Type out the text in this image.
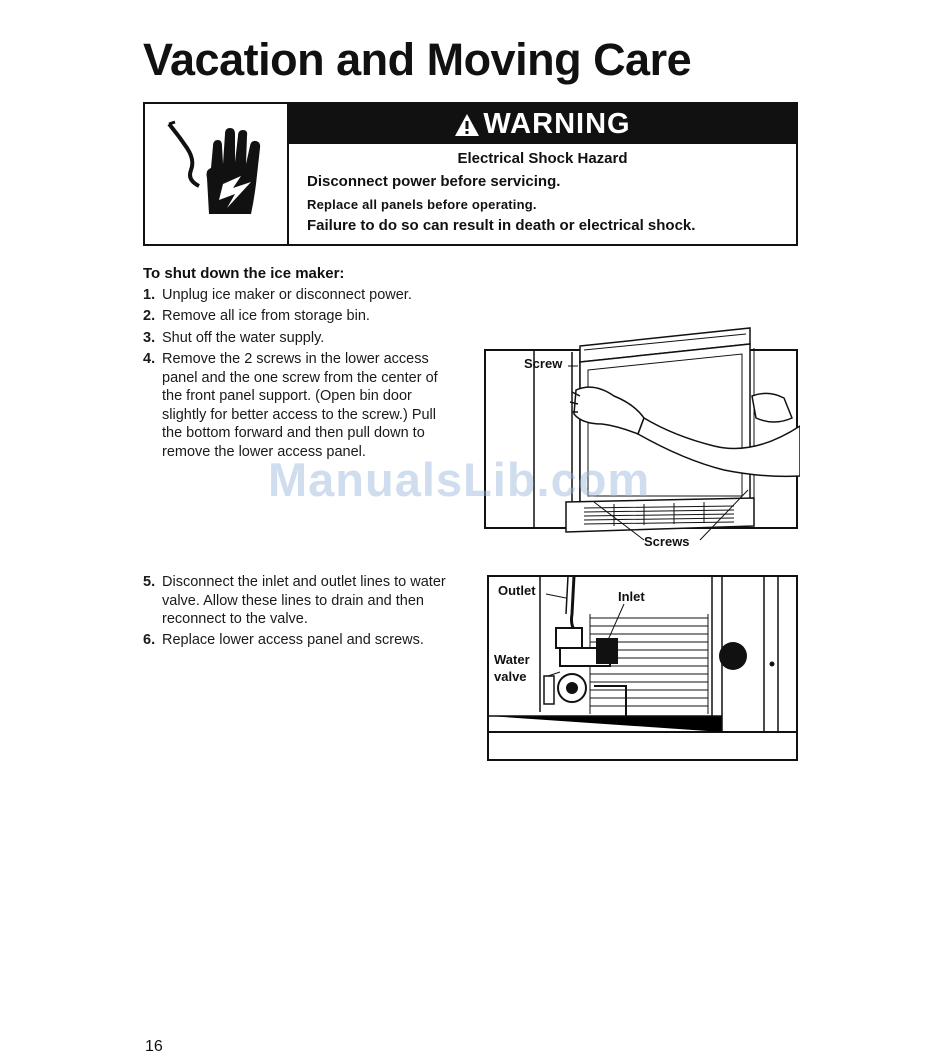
Vacation and Moving Care
WARNING
Electrical Shock Hazard
Disconnect power before servicing.
Replace all panels before operating.
Failure to do so can result in death or electrical shock.
To shut down the ice maker:
1. Unplug ice maker or disconnect power.
2. Remove all ice from storage bin.
3. Shut off the water supply.
4. Remove the 2 screws in the lower access panel and the one screw from the center of the front panel support. (Open bin door slightly for better access to the screw.) Pull the bottom forward and then pull down to remove the lower access panel.
5. Disconnect the inlet and outlet lines to water valve. Allow these lines to drain and then reconnect to the valve.
6. Replace lower access panel and screws.
Screw
Screws
Outlet	Inlet
Water
valve
ManualsLib.com
16
